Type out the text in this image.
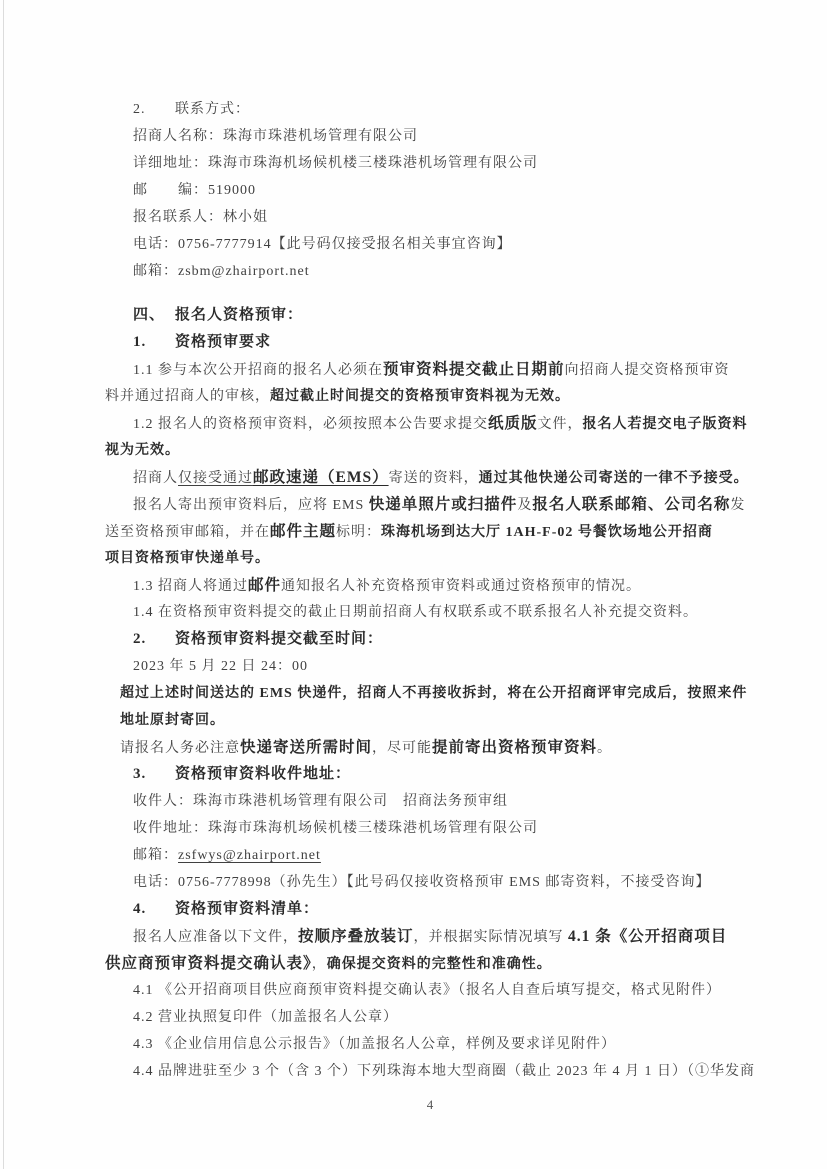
2. 联系方式：
招商人名称：珠海市珠港机场管理有限公司
详细地址：珠海市珠海机场候机楼三楼珠港机场管理有限公司
邮　　编：519000
报名联系人：林小姐
电话：0756-7777914【此号码仅接受报名相关事宜咨询】
邮箱：zsbm@zhairport.net
四、 报名人资格预审：
1. 资格预审要求
1.1 参与本次公开招商的报名人必须在预审资料提交截止日期前向招商人提交资格预审资
料并通过招商人的审核，超过截止时间提交的资格预审资料视为无效。
1.2 报名人的资格预审资料，必须按照本公告要求提交纸质版文件，报名人若提交电子版资料
视为无效。
招商人仅接受通过邮政速递（EMS）寄送的资料，通过其他快递公司寄送的一律不予接受。
报名人寄出预审资料后，应将 EMS 快递单照片或扫描件及报名人联系邮箱、公司名称发
送至资格预审邮箱，并在邮件主题标明：珠海机场到达大厅 1AH-F-02 号餐饮场地公开招商
项目资格预审快递单号。
1.3 招商人将通过邮件通知报名人补充资格预审资料或通过资格预审的情况。
1.4 在资格预审资料提交的截止日期前招商人有权联系或不联系报名人补充提交资料。
2. 资格预审资料提交截至时间：
2023 年 5 月 22 日 24：00
超过上述时间送达的 EMS 快递件，招商人不再接收拆封，将在公开招商评审完成后，按照来件
地址原封寄回。
请报名人务必注意快递寄送所需时间，尽可能提前寄出资格预审资料。
3. 资格预审资料收件地址：
收件人：珠海市珠港机场管理有限公司　招商法务预审组
收件地址：珠海市珠海机场候机楼三楼珠港机场管理有限公司
邮箱：zsfwys@zhairport.net
电话：0756-7778998（孙先生）【此号码仅接收资格预审 EMS 邮寄资料，不接受咨询】
4. 资格预审资料清单：
报名人应准备以下文件，按顺序叠放装订，并根据实际情况填写 4.1 条《公开招商项目
供应商预审资料提交确认表》，确保提交资料的完整性和准确性。
4.1 《公开招商项目供应商预审资料提交确认表》（报名人自查后填写提交，格式见附件）
4.2 营业执照复印件（加盖报名人公章）
4.3 《企业信用信息公示报告》（加盖报名人公章，样例及要求详见附件）
4.4 品牌进驻至少 3 个（含 3 个）下列珠海本地大型商圈（截止 2023 年 4 月 1 日）（①华发商
4
